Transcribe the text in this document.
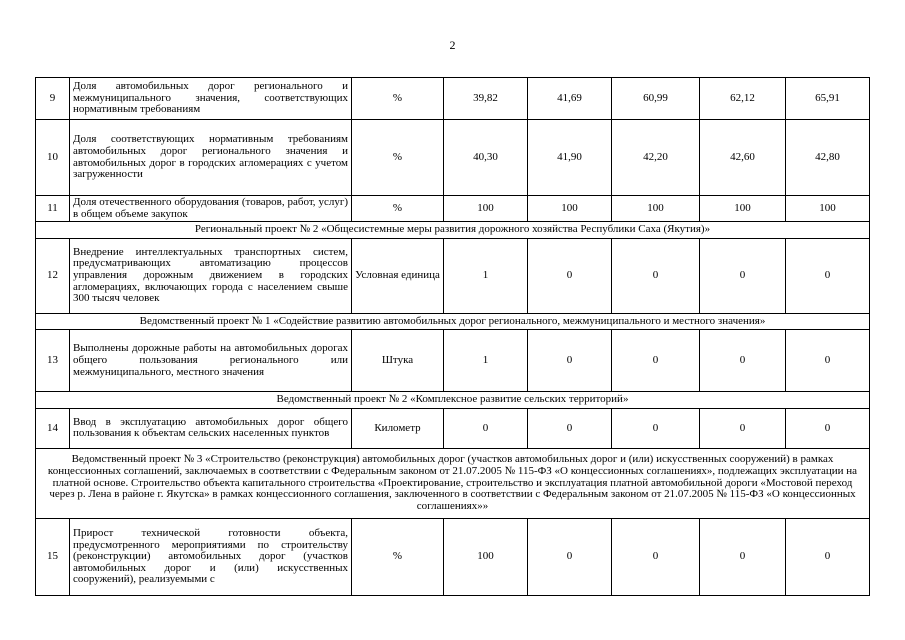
2
9	Доля автомобильных дорог регионального и межмуниципального значения, соответствующих нормативным требованиям	%	39,82	41,69	60,99	62,12	65,91
10	Доля соответствующих нормативным требованиям автомобильных дорог регионального значения и автомобильных дорог в городских агломерациях с учетом загруженности	%	40,30	41,90	42,20	42,60	42,80
11	Доля отечественного оборудования (товаров, работ, услуг) в общем объеме закупок	%	100	100	100	100	100
Региональный проект № 2 «Общесистемные меры развития дорожного хозяйства Республики Саха (Якутия)»							
12	Внедрение интеллектуальных транспортных систем, предусматривающих автоматизацию процессов управления дорожным движением в городских агломерациях, включающих города с населением свыше 300 тысяч человек	Условная единица	1	0	0	0	0
Ведомственный проект № 1 «Содействие развитию автомобильных дорог регионального, межмуниципального и местного значения»							
13	Выполнены дорожные работы на автомобильных дорогах общего пользования регионального или межмуниципального, местного значения	Штука	1	0	0	0	0
Ведомственный проект № 2 «Комплексное развитие сельских территорий»							
14	Ввод в эксплуатацию автомобильных дорог общего пользования к объектам сельских населенных пунктов	Километр	0	0	0	0	0
Ведомственный проект № 3 «Строительство (реконструкция) автомобильных дорог (участков автомобильных дорог и (или) искусственных сооружений) в рамках концессионных соглашений, заключаемых в соответствии с Федеральным законом от 21.07.2005 № 115-ФЗ «О концессионных соглашениях», подлежащих эксплуатации на платной основе. Строительство объекта капитального строительства «Проектирование, строительство и эксплуатация платной автомобильной дороги «Мостовой переход через р. Лена в районе г. Якутска» в рамках концессионного соглашения, заключенного в соответствии с Федеральным законом от 21.07.2005 № 115-ФЗ «О концессионных соглашениях»»							
15	Прирост технической готовности объекта, предусмотренного мероприятиями по строительству (реконструкции) автомобильных дорог (участков автомобильных дорог и (или) искусственных сооружений), реализуемыми с	%	100	0	0	0	0
